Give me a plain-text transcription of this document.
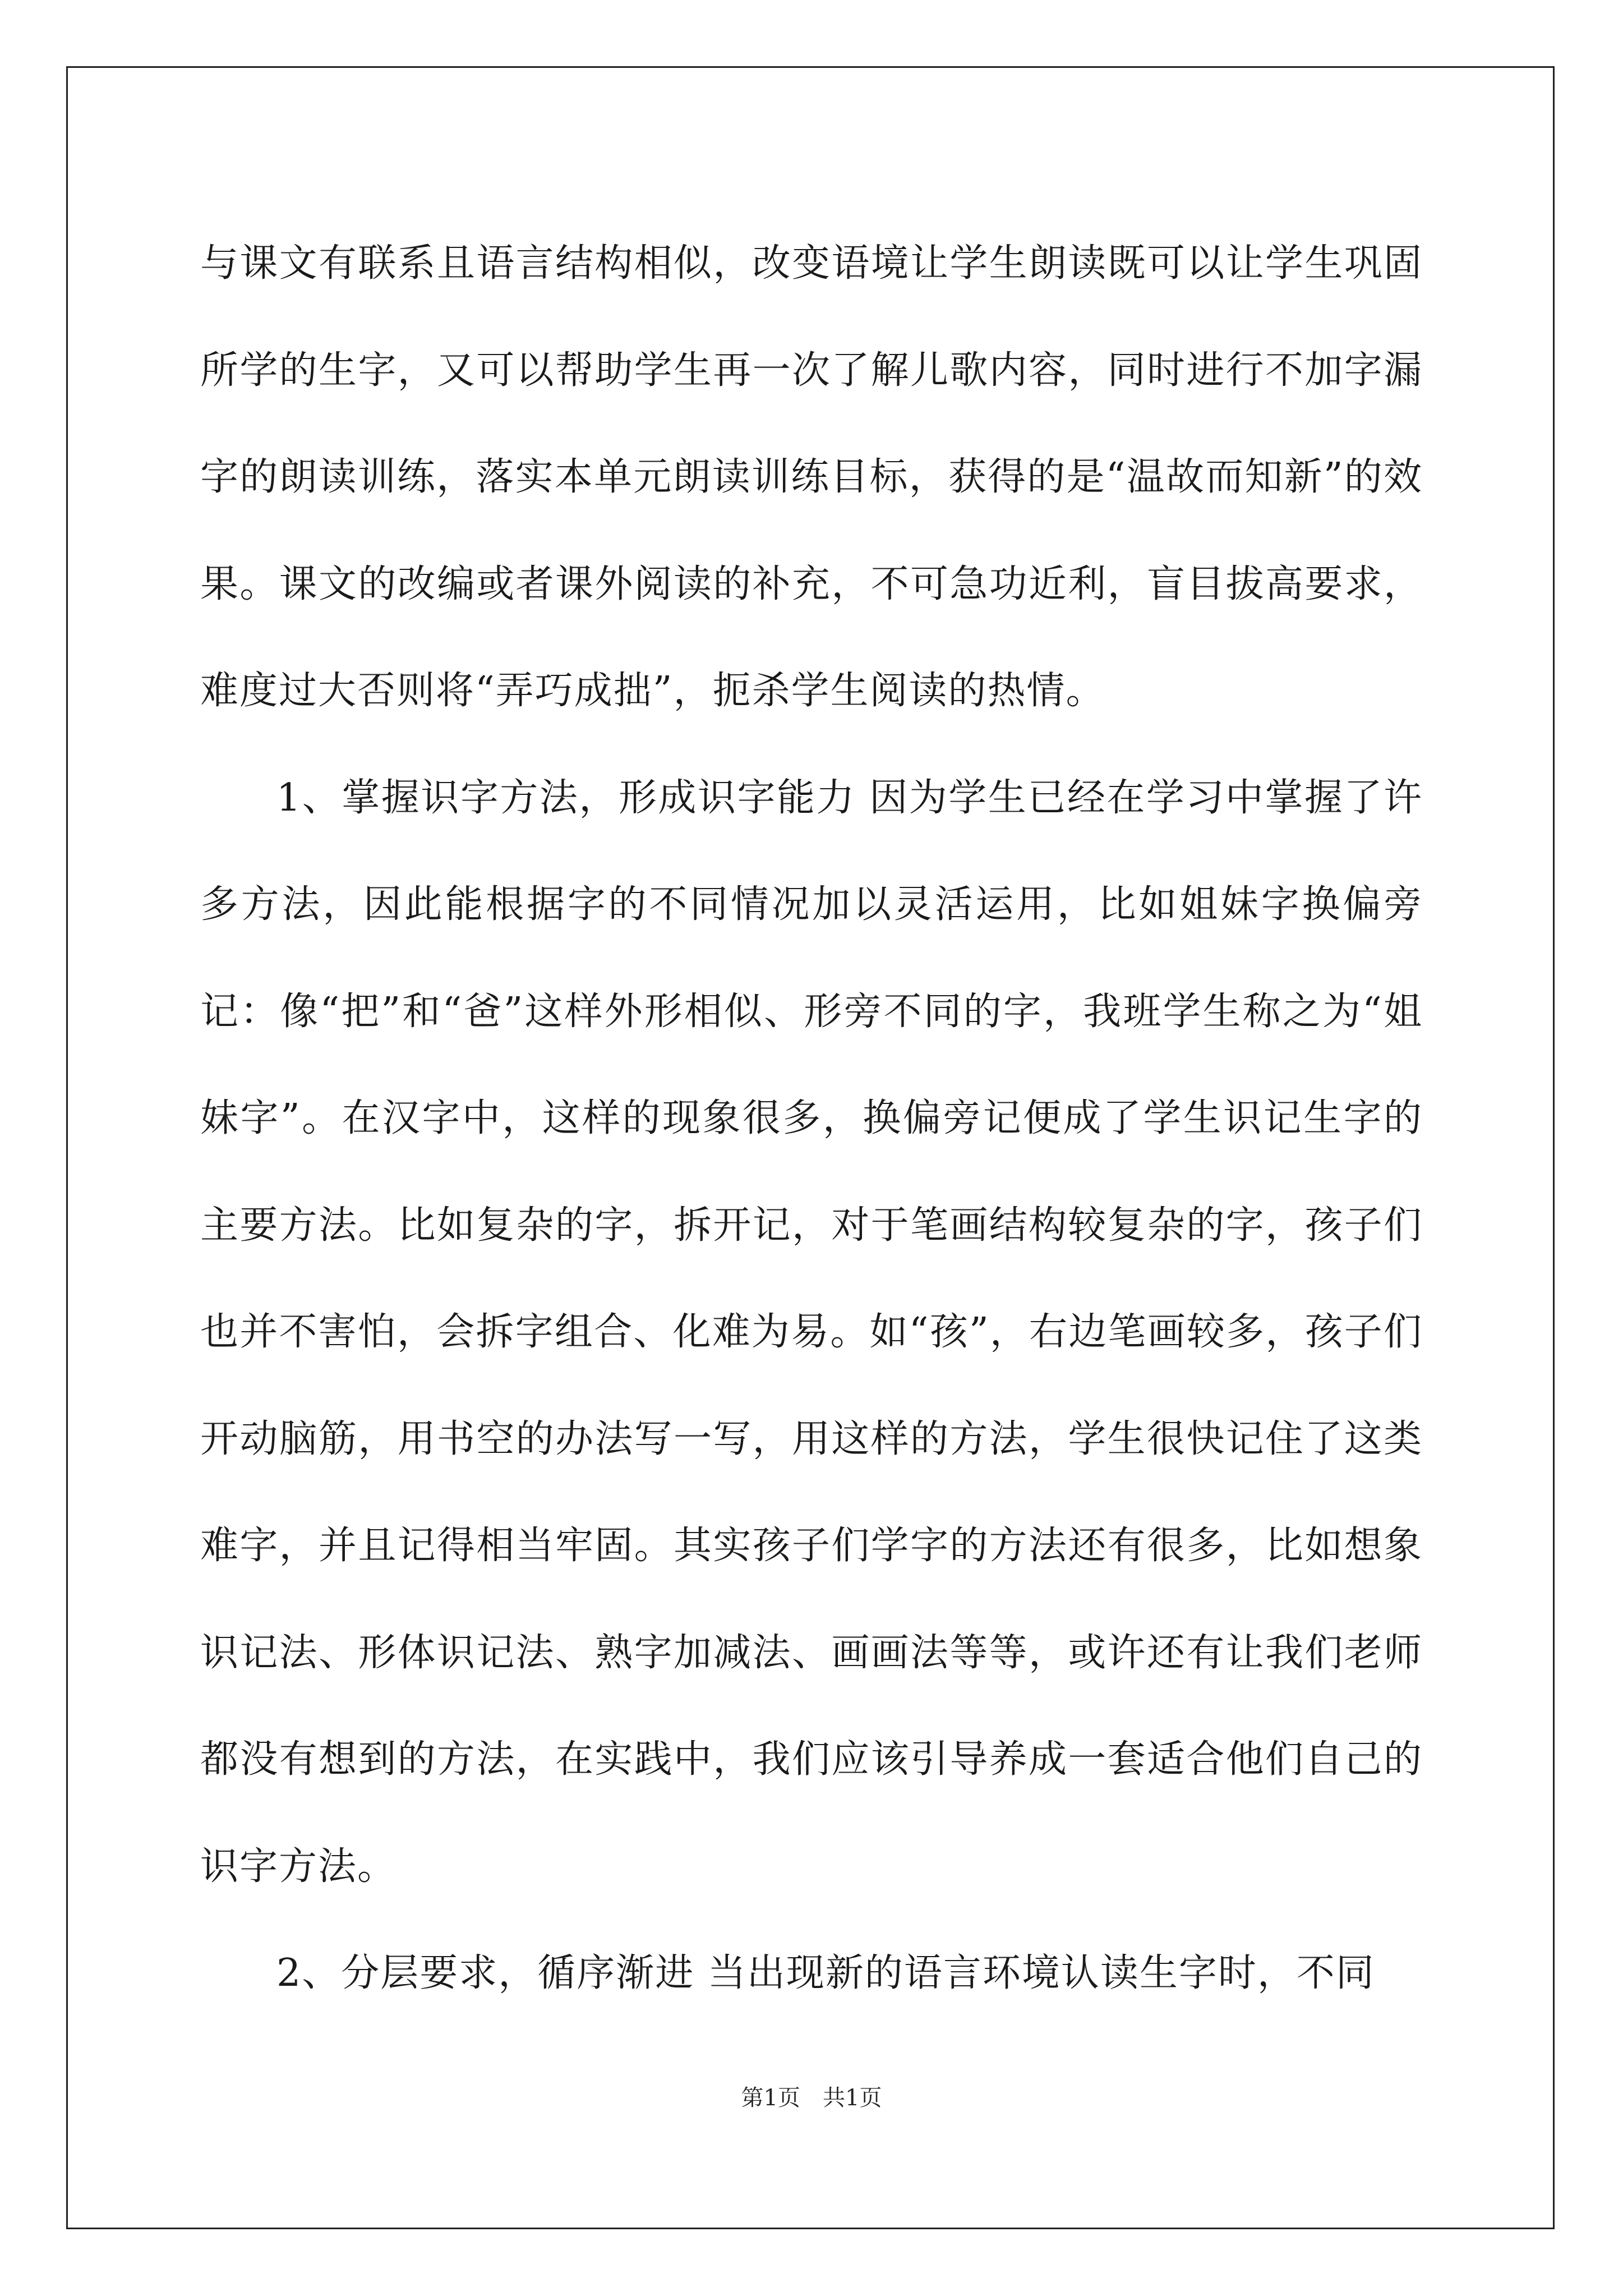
与课文有联系且语言结构相似，改变语境让学生朗读既可以让学生巩固所学的生字，又可以帮助学生再一次了解儿歌内容，同时进行不加字漏字的朗读训练，落实本单元朗读训练目标，获得的是“温故而知新”的效果。课文的改编或者课外阅读的补充，不可急功近利，盲目拔高要求，难度过大否则将“弄巧成拙”，扼杀学生阅读的热情。

1、掌握识字方法，形成识字能力 因为学生已经在学习中掌握了许多方法，因此能根据字的不同情况加以灵活运用，比如姐妹字换偏旁记：像“把”和“爸”这样外形相似、形旁不同的字，我班学生称之为“姐妹字”。在汉字中，这样的现象很多，换偏旁记便成了学生识记生字的主要方法。比如复杂的字，拆开记，对于笔画结构较复杂的字，孩子们也并不害怕，会拆字组合、化难为易。如“孩”，右边笔画较多，孩子们开动脑筋，用书空的办法写一写，用这样的方法，学生很快记住了这类难字，并且记得相当牢固。其实孩子们学字的方法还有很多，比如想象识记法、形体识记法、熟字加减法、画画法等等，或许还有让我们老师都没有想到的方法，在实践中，我们应该引导养成一套适合他们自己的识字方法。

2、分层要求，循序渐进 当出现新的语言环境认读生字时，不同

第1页　共1页
